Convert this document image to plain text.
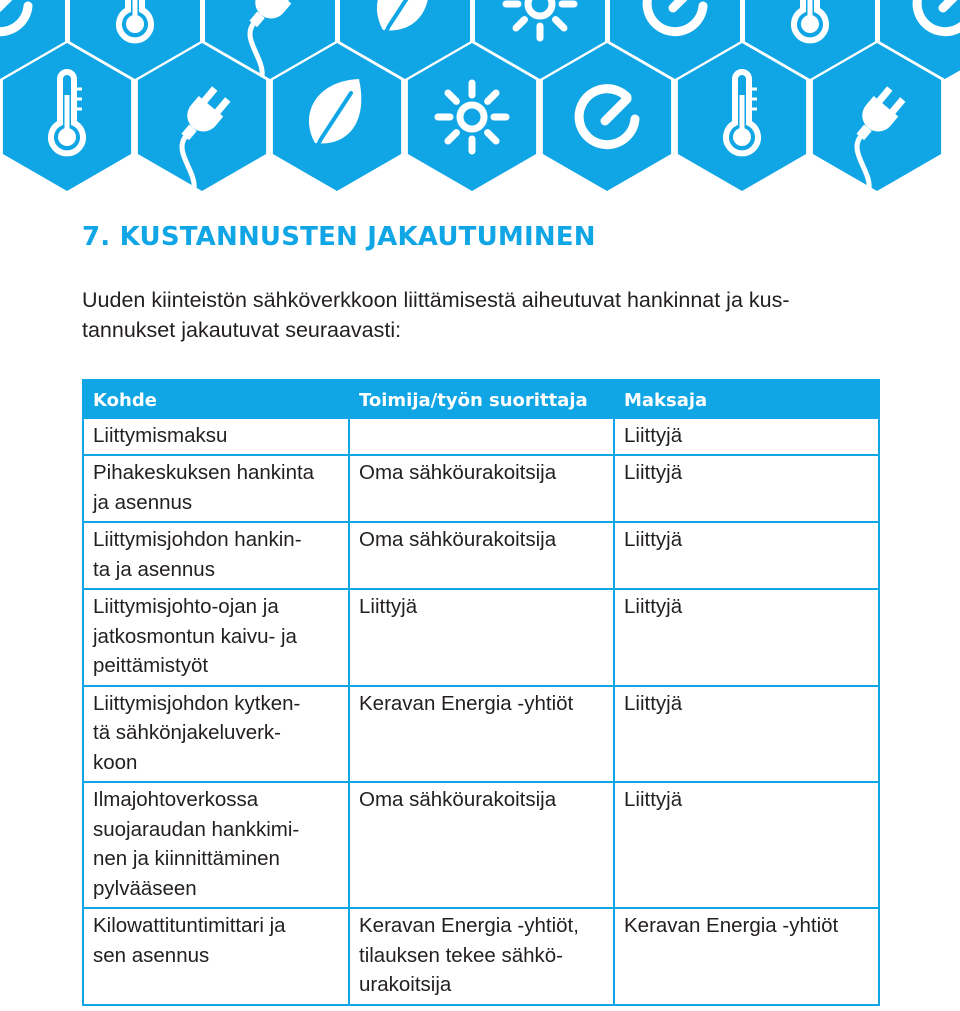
7. KUSTANNUSTEN JAKAUTUMINEN

Uuden kiinteistön sähköverkkoon liittämisestä aiheutuvat hankinnat ja kus-
tannukset jakautuvat seuraavasti:

Kohde	Toimija/työn suorittaja	Maksaja
Liittymismaksu		Liittyjä
Pihakeskuksen hankinta
ja asennus	Oma sähköurakoitsija	Liittyjä
Liittymisjohdon hankin-
ta ja asennus	Oma sähköurakoitsija	Liittyjä
Liittymisjohto-ojan ja
jatkosmontun kaivu- ja
peittämistyöt	Liittyjä	Liittyjä
Liittymisjohdon kytken-
tä sähkönjakeluverk-
koon	Keravan Energia -yhtiöt	Liittyjä
Ilmajohtoverkossa
suojaraudan hankkimi-
nen ja kiinnittäminen
pylvääseen	Oma sähköurakoitsija	Liittyjä
Kilowattituntimittari ja
sen asennus	Keravan Energia -yhtiöt,
tilauksen tekee sähkö-
urakoitsija	Keravan Energia -yhtiöt
